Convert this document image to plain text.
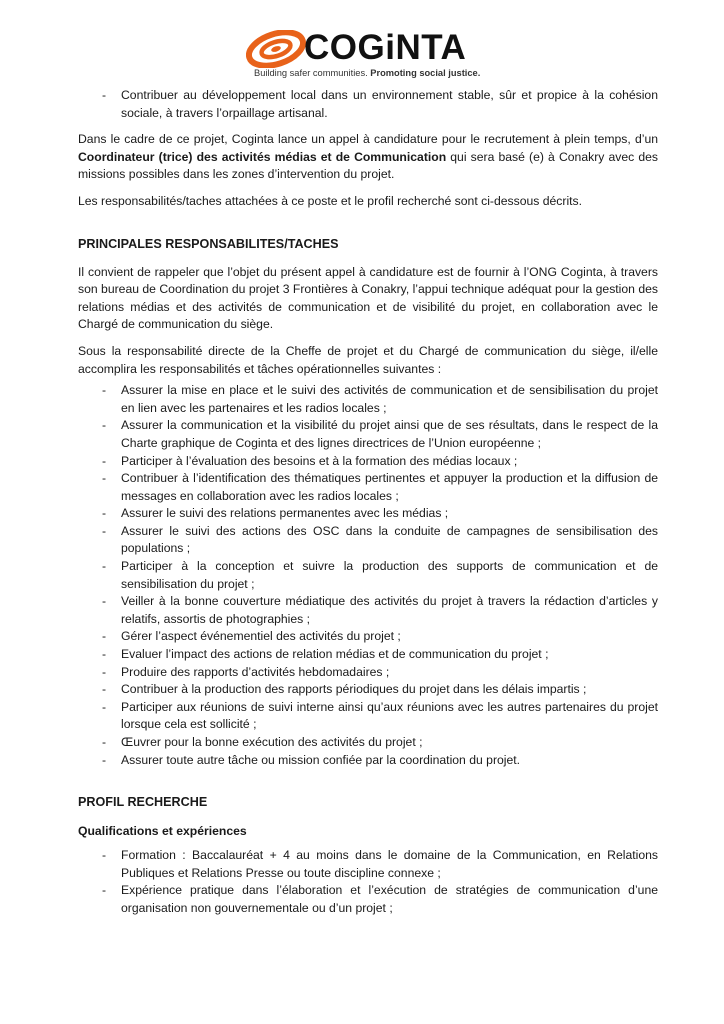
COGiNTA
Building safer communities. Promoting social justice.

- Contribuer au développement local dans un environnement stable, sûr et propice à la cohésion sociale, à travers l’orpaillage artisanal.

Dans le cadre de ce projet, Coginta lance un appel à candidature pour le recrutement à plein temps, d’un Coordinateur (trice) des activités médias et de Communication qui sera basé (e) à Conakry avec des missions possibles dans les zones d’intervention du projet.

Les responsabilités/taches attachées à ce poste et le profil recherché sont ci-dessous décrits.

PRINCIPALES RESPONSABILITES/TACHES

Il convient de rappeler que l’objet du présent appel à candidature est de fournir à l’ONG Coginta, à travers son bureau de Coordination du projet 3 Frontières à Conakry, l’appui technique adéquat pour la gestion des relations médias et des activités de communication et de visibilité du projet, en collaboration avec le Chargé de communication du siège.

Sous la responsabilité directe de la Cheffe de projet et du Chargé de communication du siège, il/elle accomplira les responsabilités et tâches opérationnelles suivantes :

- Assurer la mise en place et le suivi des activités de communication et de sensibilisation du projet en lien avec les partenaires et les radios locales ;
- Assurer la communication et la visibilité du projet ainsi que de ses résultats, dans le respect de la Charte graphique de Coginta et des lignes directrices de l’Union européenne ;
- Participer à l’évaluation des besoins et à la formation des médias locaux ;
- Contribuer à l’identification des thématiques pertinentes et appuyer la production et la diffusion de messages en collaboration avec les radios locales ;
- Assurer le suivi des relations permanentes avec les médias ;
- Assurer le suivi des actions des OSC dans la conduite de campagnes de sensibilisation des populations ;
- Participer à la conception et suivre la production des supports de communication et de sensibilisation du projet ;
- Veiller à la bonne couverture médiatique des activités du projet à travers la rédaction d’articles y relatifs, assortis de photographies ;
- Gérer l’aspect événementiel des activités du projet ;
- Evaluer l’impact des actions de relation médias et de communication du projet ;
- Produire des rapports d’activités hebdomadaires ;
- Contribuer à la production des rapports périodiques du projet dans les délais impartis ;
- Participer aux réunions de suivi interne ainsi qu’aux réunions avec les autres partenaires du projet lorsque cela est sollicité ;
- Œuvrer pour la bonne exécution des activités du projet ;
- Assurer toute autre tâche ou mission confiée par la coordination du projet.
PROFIL RECHERCHE
Qualifications et expériences
- Formation : Baccalauréat + 4 au moins dans le domaine de la Communication, en Relations Publiques et Relations Presse ou toute discipline connexe ;
- Expérience pratique dans l’élaboration et l’exécution de stratégies de communication d’une organisation non gouvernementale ou d’un projet ;
